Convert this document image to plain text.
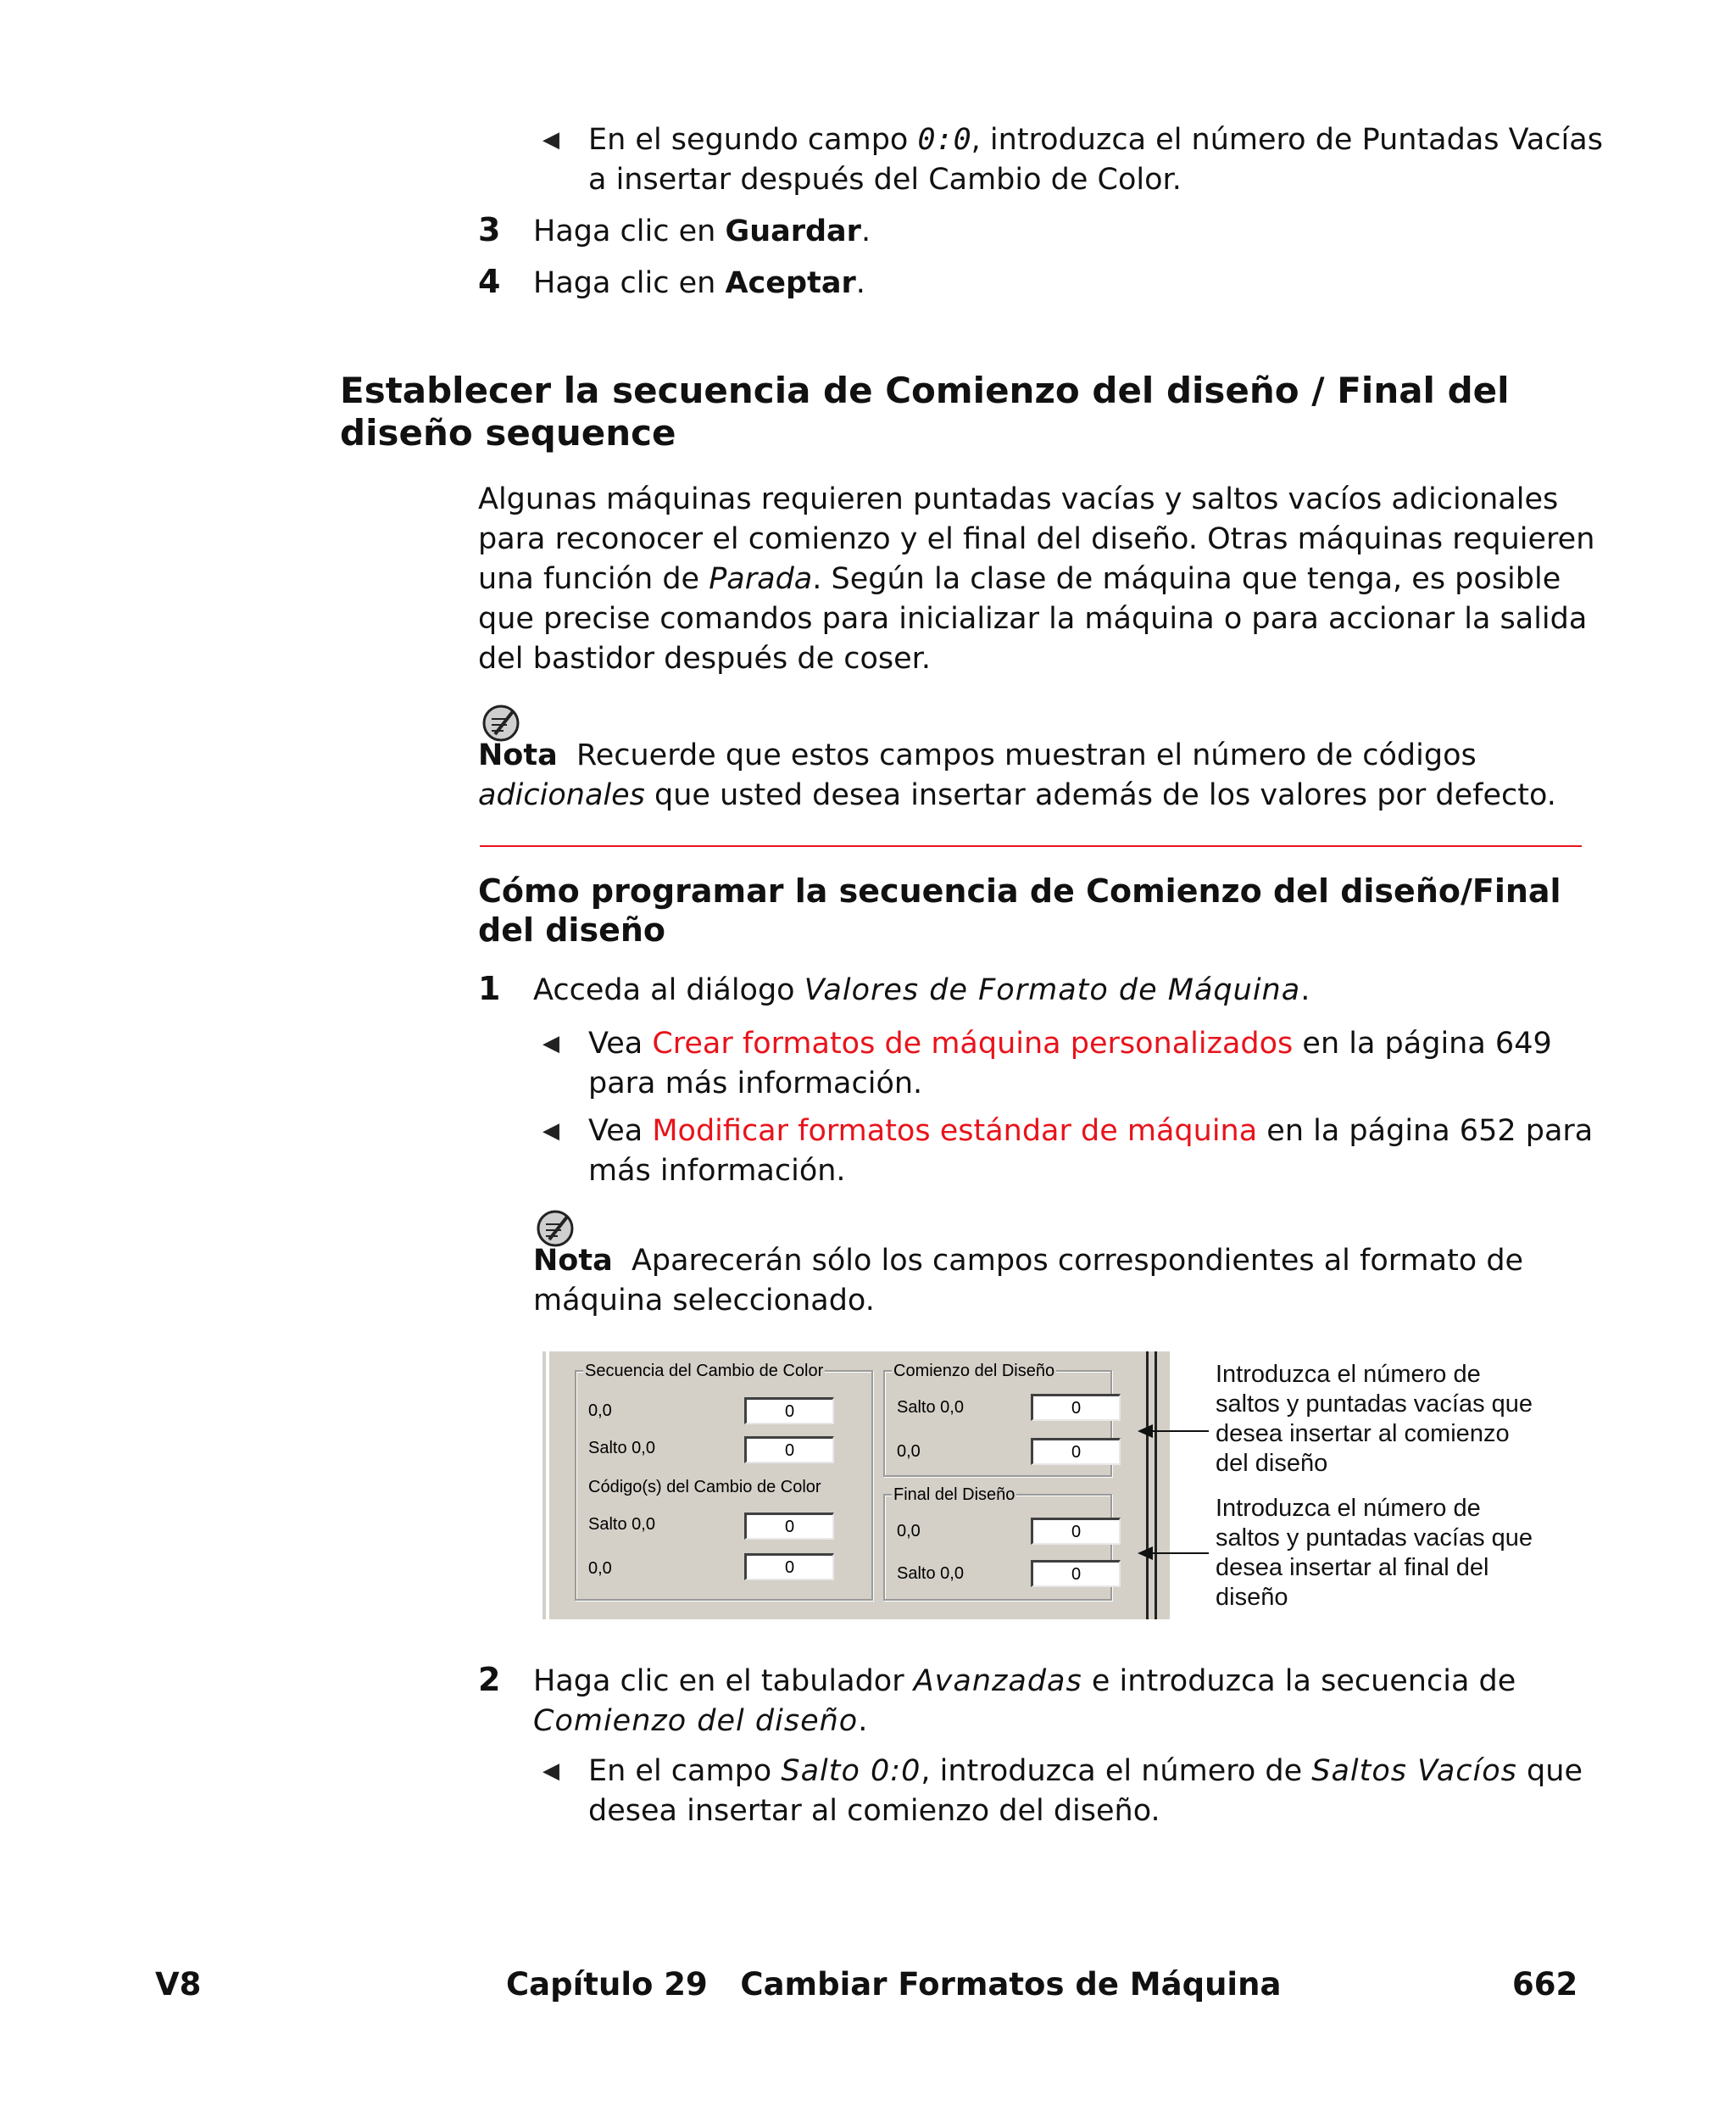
◀ En el segundo campo 0:0, introduzca el número de Puntadas Vacías
a insertar después del Cambio de Color.
3 Haga clic en Guardar.
4 Haga clic en Aceptar.
Establecer la secuencia de Comienzo del diseño / Final del
diseño sequence
Algunas máquinas requieren puntadas vacías y saltos vacíos adicionales
para reconocer el comienzo y el final del diseño. Otras máquinas requieren
una función de Parada. Según la clase de máquina que tenga, es posible
que precise comandos para inicializar la máquina o para accionar la salida
del bastidor después de coser.
Nota Recuerde que estos campos muestran el número de códigos
adicionales que usted desea insertar además de los valores por defecto.
Cómo programar la secuencia de Comienzo del diseño/Final
del diseño
1 Acceda al diálogo Valores de Formato de Máquina.
◀ Vea Crear formatos de máquina personalizados en la página 649
para más información.
◀ Vea Modificar formatos estándar de máquina en la página 652 para
más información.
Nota Aparecerán sólo los campos correspondientes al formato de
máquina seleccionado.
Secuencia del Cambio de Color
0,0	0
Salto 0,0	0
Código(s) del Cambio de Color
Salto 0,0	0
0,0	0
Comienzo del Diseño
Salto 0,0	0
0,0	0
Final del Diseño
0,0	0
Salto 0,0	0
Introduzca el número de
saltos y puntadas vacías que
desea insertar al comienzo
del diseño
Introduzca el número de
saltos y puntadas vacías que
desea insertar al final del
diseño
2 Haga clic en el tabulador Avanzadas e introduzca la secuencia de
Comienzo del diseño.
◀ En el campo Salto 0:0, introduzca el número de Saltos Vacíos que
desea insertar al comienzo del diseño.
V8	Capítulo 29   Cambiar Formatos de Máquina	662
